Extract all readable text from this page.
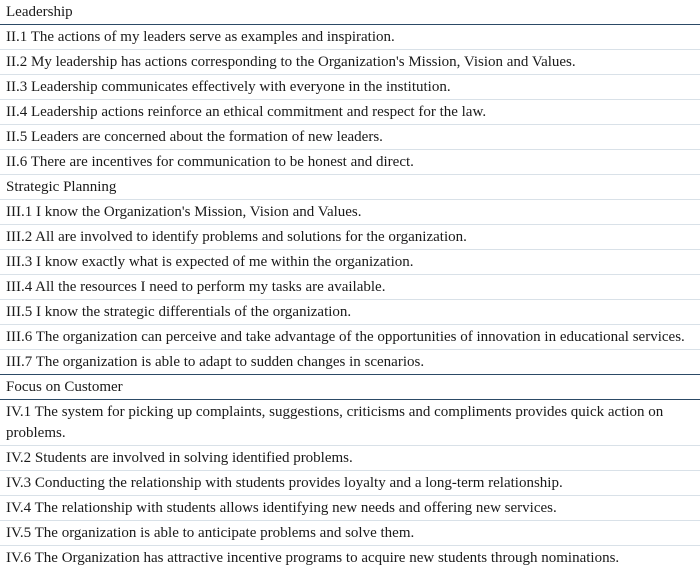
Leadership
II.1 The actions of my leaders serve as examples and inspiration.
II.2 My leadership has actions corresponding to the Organization's Mission, Vision and Values.
II.3 Leadership communicates effectively with everyone in the institution.
II.4 Leadership actions reinforce an ethical commitment and respect for the law.
II.5 Leaders are concerned about the formation of new leaders.
II.6 There are incentives for communication to be honest and direct.
Strategic Planning
III.1 I know the Organization's Mission, Vision and Values.
III.2 All are involved to identify problems and solutions for the organization.
III.3 I know exactly what is expected of me within the organization.
III.4 All the resources I need to perform my tasks are available.
III.5 I know the strategic differentials of the organization.
III.6 The organization can perceive and take advantage of the opportunities of innovation in educational services.
III.7 The organization is able to adapt to sudden changes in scenarios.
Focus on Customer
IV.1 The system for picking up complaints, suggestions, criticisms and compliments provides quick action on problems.
IV.2 Students are involved in solving identified problems.
IV.3 Conducting the relationship with students provides loyalty and a long-term relationship.
IV.4 The relationship with students allows identifying new needs and offering new services.
IV.5 The organization is able to anticipate problems and solve them.
IV.6 The Organization has attractive incentive programs to acquire new students through nominations.
